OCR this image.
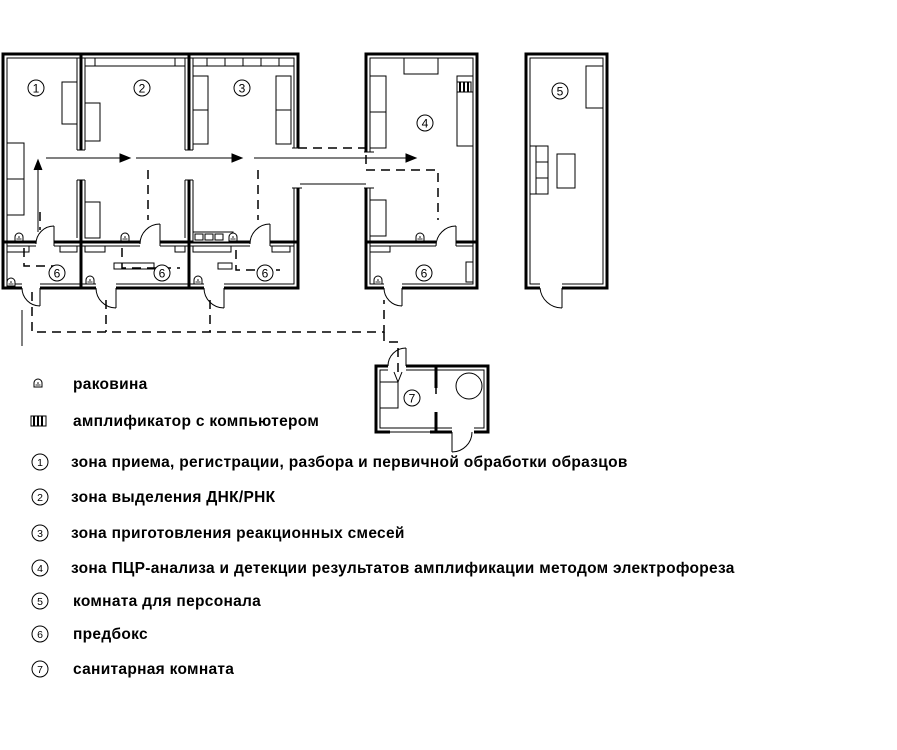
1	2	3
4
5
6	6	6	6
7
раковина
амплификатор с компьютером
1 зона приема, регистрации, разбора и первичной обработки образцов
2 зона выделения ДНК/РНК
3 зона приготовления реакционных смесей
4 зона ПЦР-анализа и детекции результатов амплификации методом электрофореза
5 комната для персонала
6 предбокс
7 санитарная комната
